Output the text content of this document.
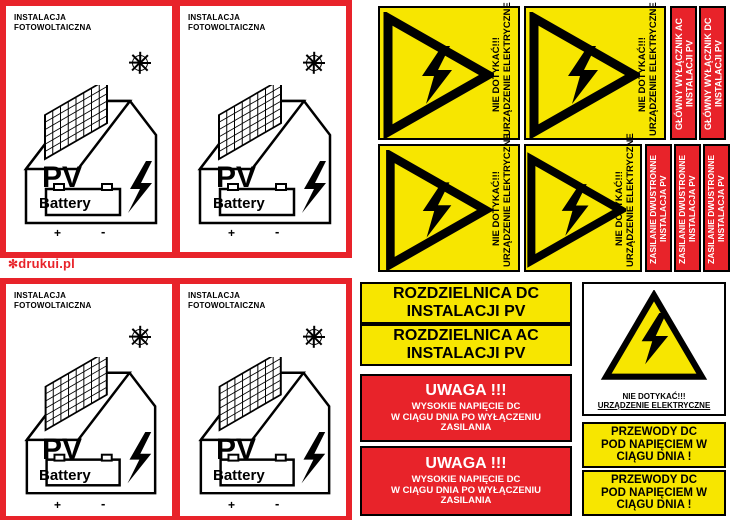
INSTALACJA
FOTOWOLTAICZNA
PV
Battery
+	-
INSTALACJA
FOTOWOLTAICZNA
PV
Battery
+	-
✻drukui.pl
INSTALACJA
FOTOWOLTAICZNA
PV
Battery
+	-
INSTALACJA
FOTOWOLTAICZNA
PV
Battery
+	-
NIE DOTYKAĆ!!!
URZĄDZENIE ELEKTRYCZNE	NIE DOTYKAĆ!!!
URZĄDZENIE ELEKTRYCZNE GŁÓWNY WYŁĄCZNIK AC
INSTALACJI PV GŁÓWNY WYŁĄCZNIK DC
INSTALACJI PV
NIE DOTYKAĆ!!!
URZĄDZENIE ELEKTRYCZNE	NIE DOTYKAĆ!!!
URZĄDZENIE ELEKTRYCZNE ZASILANIE DWUSTRONNE
INSTALACJA PV	ZASILANIE DWUSTRONNE
INSTALACJA PV	ZASILANIE DWUSTRONNE
INSTALACJA PV
ROZDZIELNICA DC
INSTALACJI PV
ROZDZIELNICA AC
INSTALACJI PV
UWAGA !!!
WYSOKIE NAPIĘCIE DC
W CIĄGU DNIA PO WYŁĄCZENIU
ZASILANIA
UWAGA !!!
WYSOKIE NAPIĘCIE DC
W CIĄGU DNIA PO WYŁĄCZENIU
ZASILANIA
NIE DOTYKAĆ!!!
URZĄDZENIE ELEKTRYCZNE
PRZEWODY DC
POD NAPIĘCIEM W
CIĄGU DNIA !
PRZEWODY DC
POD NAPIĘCIEM W
CIĄGU DNIA !
